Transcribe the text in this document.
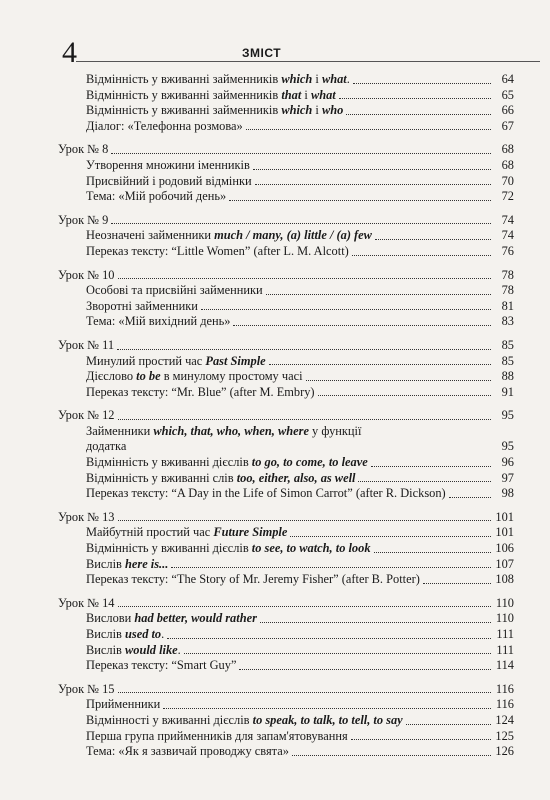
4	ЗМІСТ
Відмінність у вживанні займенників which і what.	64
Відмінність у вживанні займенників that і what	65
Відмінність у вживанні займенників which і who	66
Діалог: «Телефонна розмова»	67
Урок № 8	68
Утворення множини іменників	68
Присвійний і родовий відмінки	70
Тема: «Мій робочий день»	72
Урок № 9	74
Неозначені займенники much / many, (a) little / (a) few	74
Переказ тексту: “Little Women” (after L. M. Alcott)	76
Урок № 10	78
Особові та присвійні займенники	78
Зворотні займенники	81
Тема: «Мій вихідний день»	83
Урок № 11	85
Минулий простий час Past Simple	85
Дієслово to be в минулому простому часі	88
Переказ тексту: “Mr. Blue” (after M. Embry)	91
Урок № 12	95
Займенники which, that, who, when, where у функції
додатка	95
Відмінність у вживанні дієслів to go, to come, to leave	96
Відмінність у вживанні слів too, either, also, as well	97
Переказ тексту: “A Day in the Life of Simon Carrot” (after R. Dickson)	98
Урок № 13	101
Майбутній простий час Future Simple	101
Відмінність у вживанні дієслів to see, to watch, to look	106
Вислів here is...	107
Переказ тексту: “The Story of Mr. Jeremy Fisher” (after B. Potter)	108
Урок № 14	110
Вислови had better, would rather	110
Вислів used to.	111
Вислів would like.	111
Переказ тексту: “Smart Guy”	114
Урок № 15	116
Прийменники	116
Відмінності у вживанні дієслів to speak, to talk, to tell, to say	124
Перша група прийменників для запам'ятовування	125
Тема: «Як я зазвичай проводжу свята»	126
